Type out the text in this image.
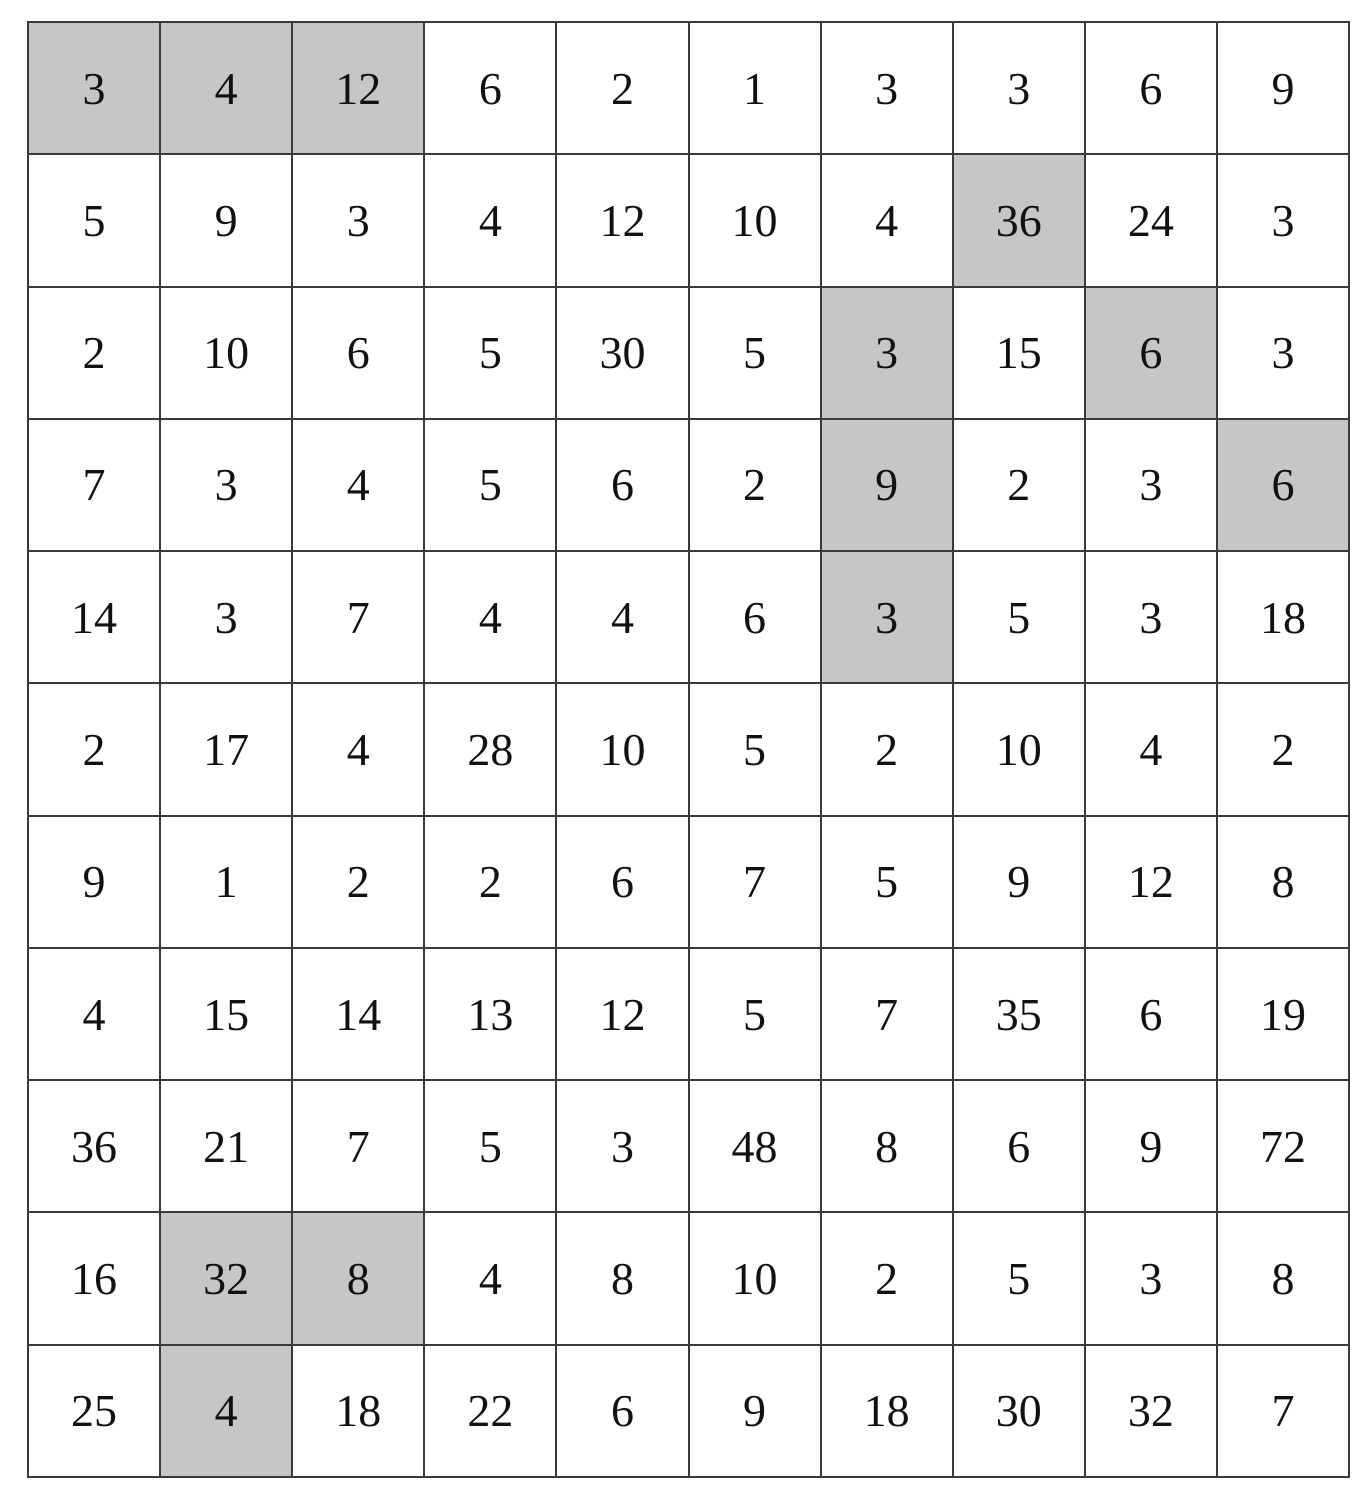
3	4	12	6	2	1	3	3	6	9
5	9	3	4	12	10	4	36	24	3
2	10	6	5	30	5	3	15	6	3
7	3	4	5	6	2	9	2	3	6
14	3	7	4	4	6	3	5	3	18
2	17	4	28	10	5	2	10	4	2
9	1	2	2	6	7	5	9	12	8
4	15	14	13	12	5	7	35	6	19
36	21	7	5	3	48	8	6	9	72
16	32	8	4	8	10	2	5	3	8
25	4	18	22	6	9	18	30	32	7
